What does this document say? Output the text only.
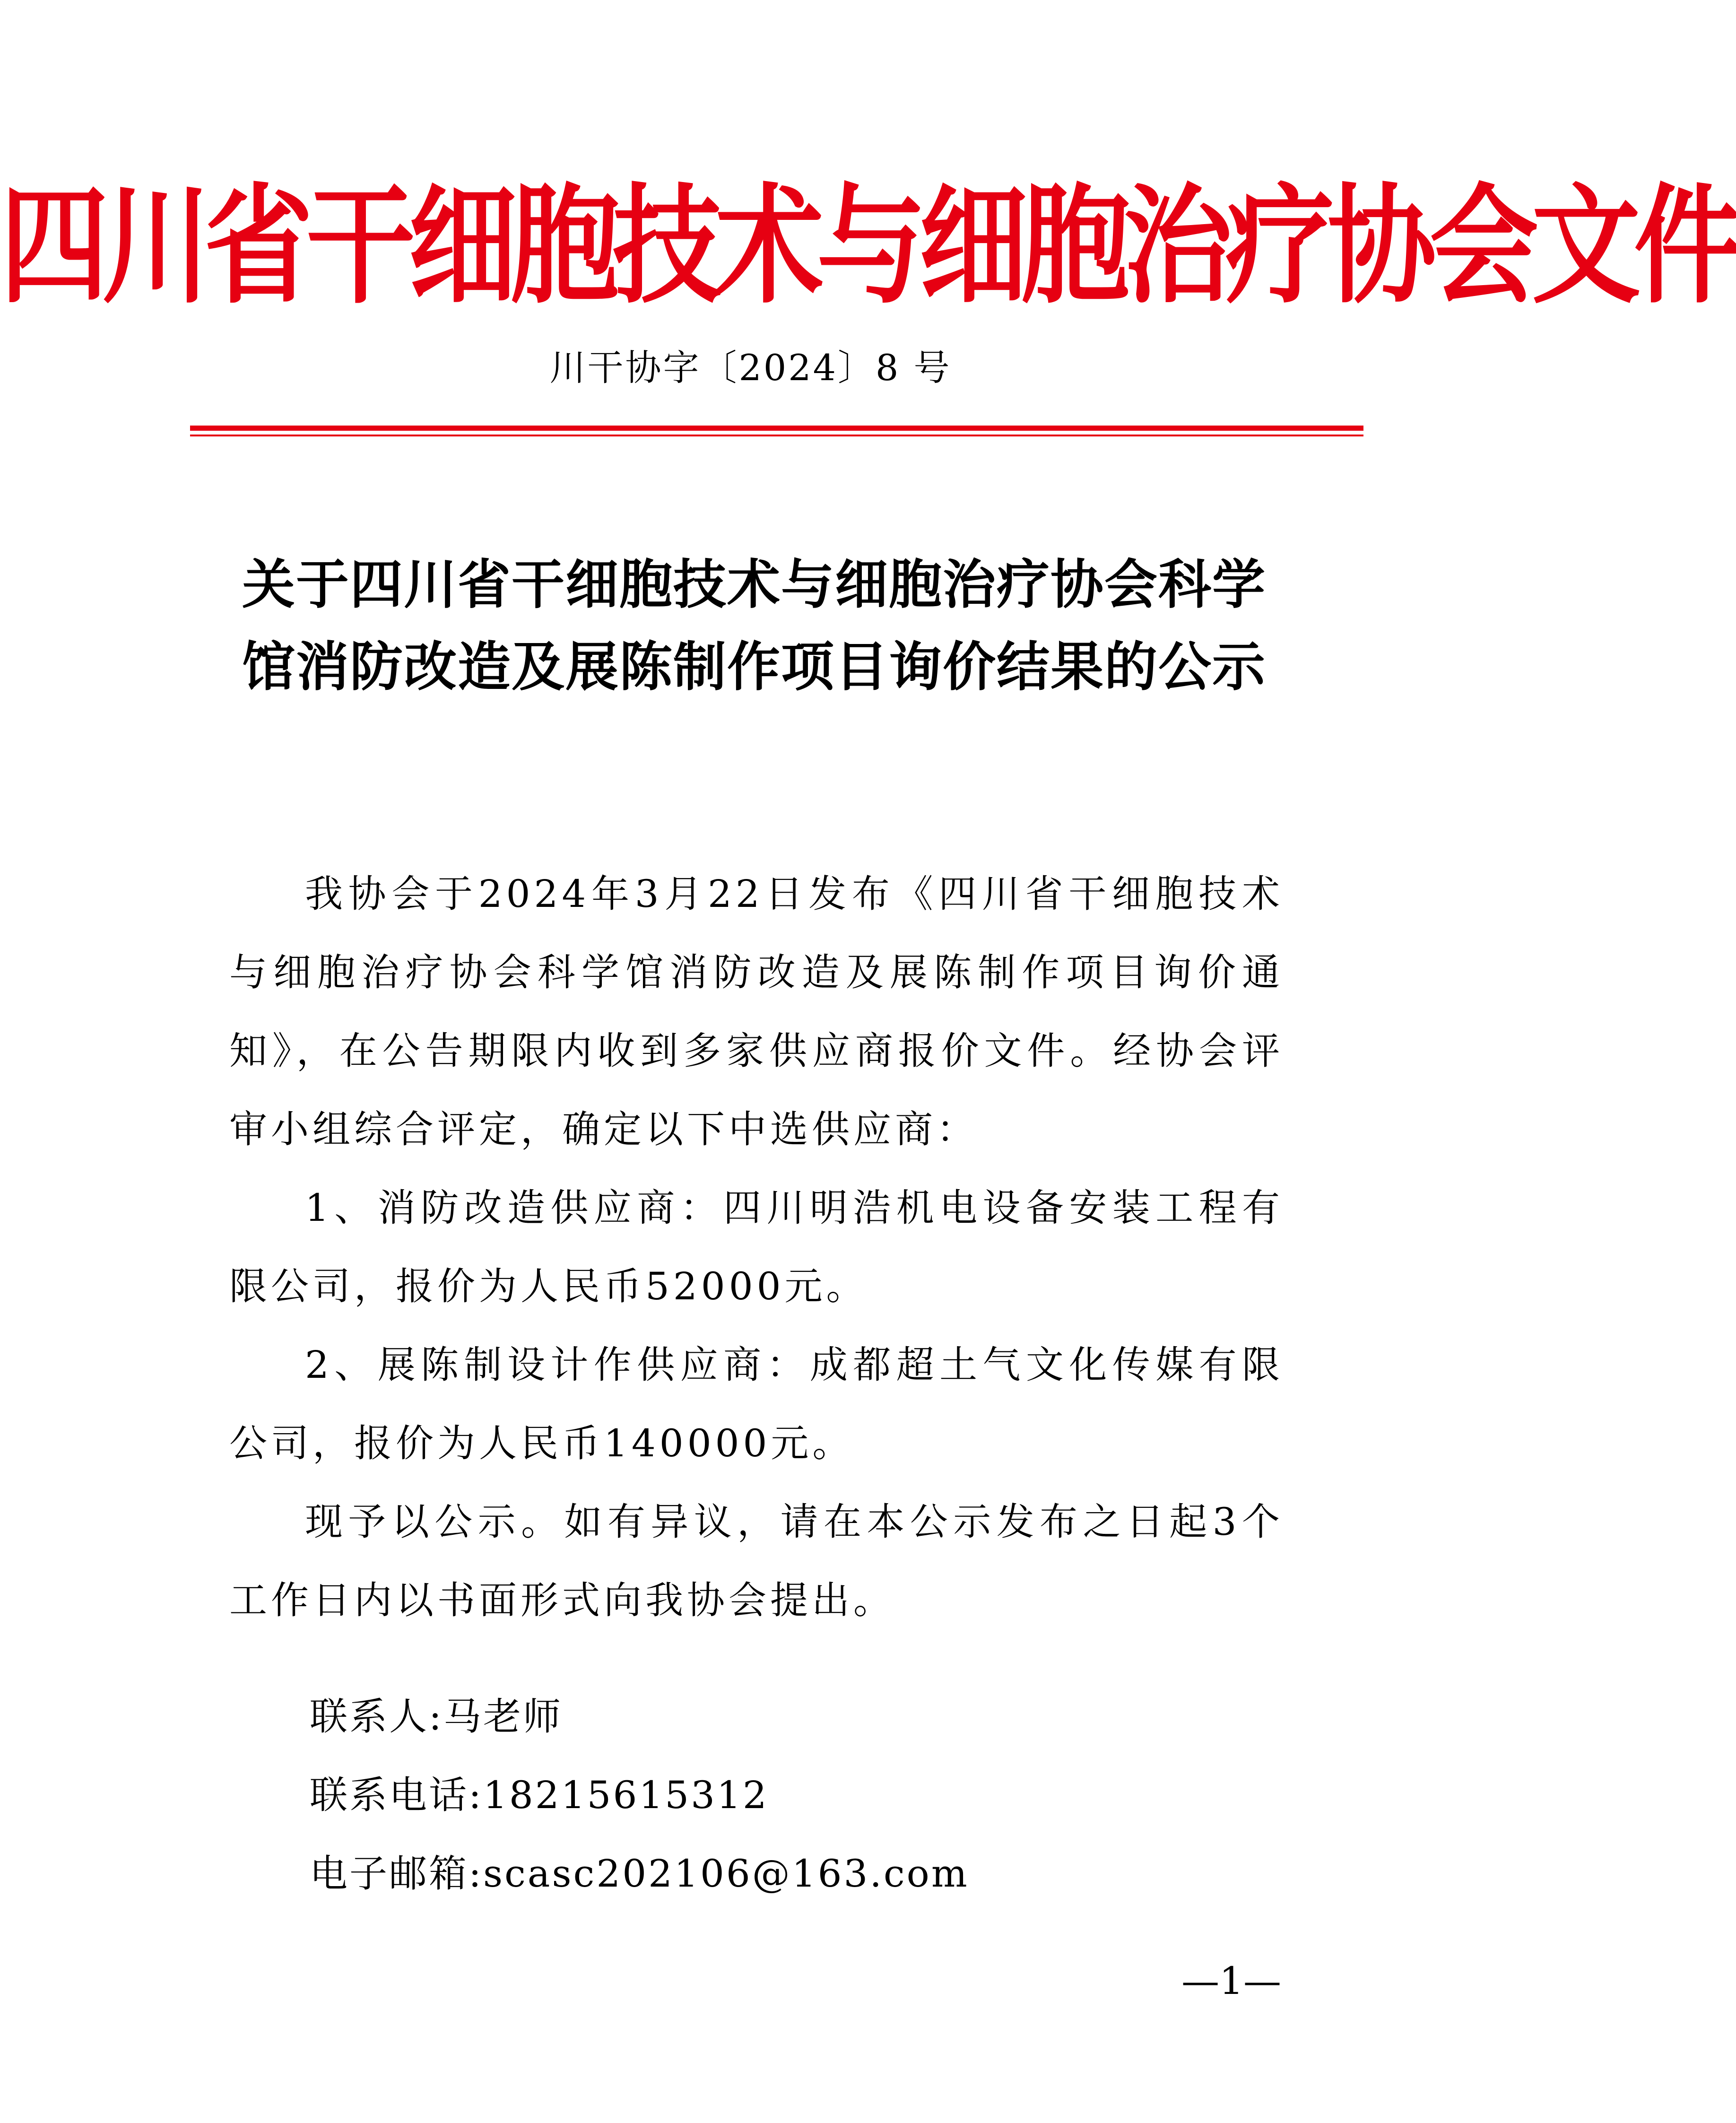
四川省干细胞技术与细胞治疗协会文件
川干协字〔2024〕8 号
关于四川省干细胞技术与细胞治疗协会科学馆消防改造及展陈制作项目询价结果的公示

我协会于2024年3月22日发布《四川省干细胞技术与细胞治疗协会科学馆消防改造及展陈制作项目询价通知》，在公告期限内收到多家供应商报价文件。经协会评审小组综合评定，确定以下中选供应商：

1、消防改造供应商：四川明浩机电设备安装工程有限公司，报价为人民币52000元。

2、展陈制设计作供应商：成都超土气文化传媒有限公司，报价为人民币140000元。

现予以公示。如有异议，请在本公示发布之日起3个工作日内以书面形式向我协会提出。

联系人:马老师
联系电话:18215615312
电子邮箱:scasc202106@163.com
—1—
